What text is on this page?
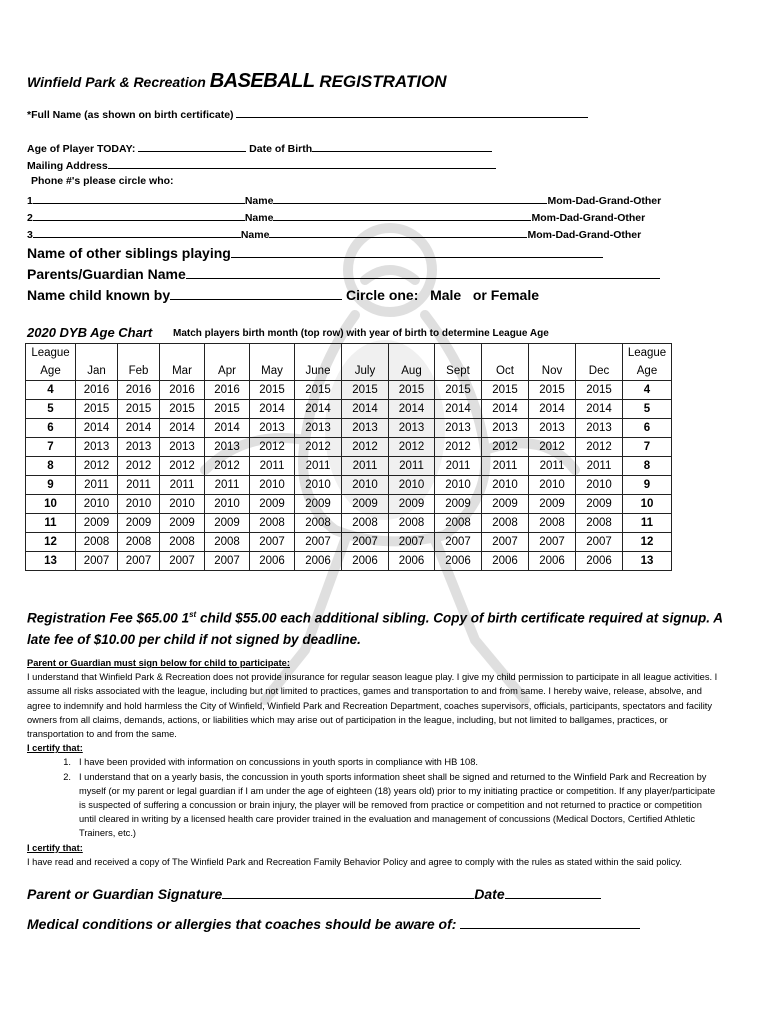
Winfield Park & Recreation BASEBALL REGISTRATION
*Full Name (as shown on birth certificate)
Age of Player TODAY:	Date of Birth
Mailing Address
Phone #'s please circle who:
1	Name	Mom-Dad-Grand-Other
2	Name	Mom-Dad-Grand-Other
3	Name	Mom-Dad-Grand-Other
Name of other siblings playing
Parents/Guardian Name
Name child known by	Circle one: Male or Female
2020 DYB Age Chart Match players birth month (top row) with year of birth to determine League Age
League													League
Age	Jan	Feb	Mar	Apr	May	June	July	Aug	Sept	Oct	Nov	Dec	Age
4	2016	2016	2016	2016	2015	2015	2015	2015	2015	2015	2015	2015	4
5	2015	2015	2015	2015	2014	2014	2014	2014	2014	2014	2014	2014	5
6	2014	2014	2014	2014	2013	2013	2013	2013	2013	2013	2013	2013	6
7	2013	2013	2013	2013	2012	2012	2012	2012	2012	2012	2012	2012	7
8	2012	2012	2012	2012	2011	2011	2011	2011	2011	2011	2011	2011	8
9	2011	2011	2011	2011	2010	2010	2010	2010	2010	2010	2010	2010	9
10	2010	2010	2010	2010	2009	2009	2009	2009	2009	2009	2009	2009	10
11	2009	2009	2009	2009	2008	2008	2008	2008	2008	2008	2008	2008	11
12	2008	2008	2008	2008	2007	2007	2007	2007	2007	2007	2007	2007	12
13	2007	2007	2007	2007	2006	2006	2006	2006	2006	2006	2006	2006	13
Registration Fee $65.00 1st child $55.00 each additional sibling. Copy of birth certificate required at signup. A late fee of $10.00 per child if not signed by deadline.
Parent or Guardian must sign below for child to participate:
I understand that Winfield Park & Recreation does not provide insurance for regular season league play. I give my child permission to participate in all league activities. I assume all risks associated with the league, including but not limited to practices, games and transportation to and from same. I hereby waive, release, absolve, and agree to indemnify and hold harmless the City of Winfield, Winfield Park and Recreation Department, coaches supervisors, officials, participants, spectators and facility owners from all claims, demands, actions, or liabilities which may arise out of participation in the league, including, but not limited to ballgames, practices, or transportation to and from the same.
I certify that:
1. I have been provided with information on concussions in youth sports in compliance with HB 108.
2. I understand that on a yearly basis, the concussion in youth sports information sheet shall be signed and returned to the Winfield Park and Recreation by myself (or my parent or legal guardian if I am under the age of eighteen (18) years old) prior to my initiating practice or competition. If any player/participate is suspected of suffering a concussion or brain injury, the player will be removed from practice or competition and not returned to practice or competition until cleared in writing by a licensed health care provider trained in the evaluation and management of concussions (Medical Doctors, Certified Athletic Trainers, etc.)
I certify that:
I have read and received a copy of The Winfield Park and Recreation Family Behavior Policy and agree to comply with the rules as stated within the said policy.
Parent or Guardian Signature	Date
Medical conditions or allergies that coaches should be aware of:
